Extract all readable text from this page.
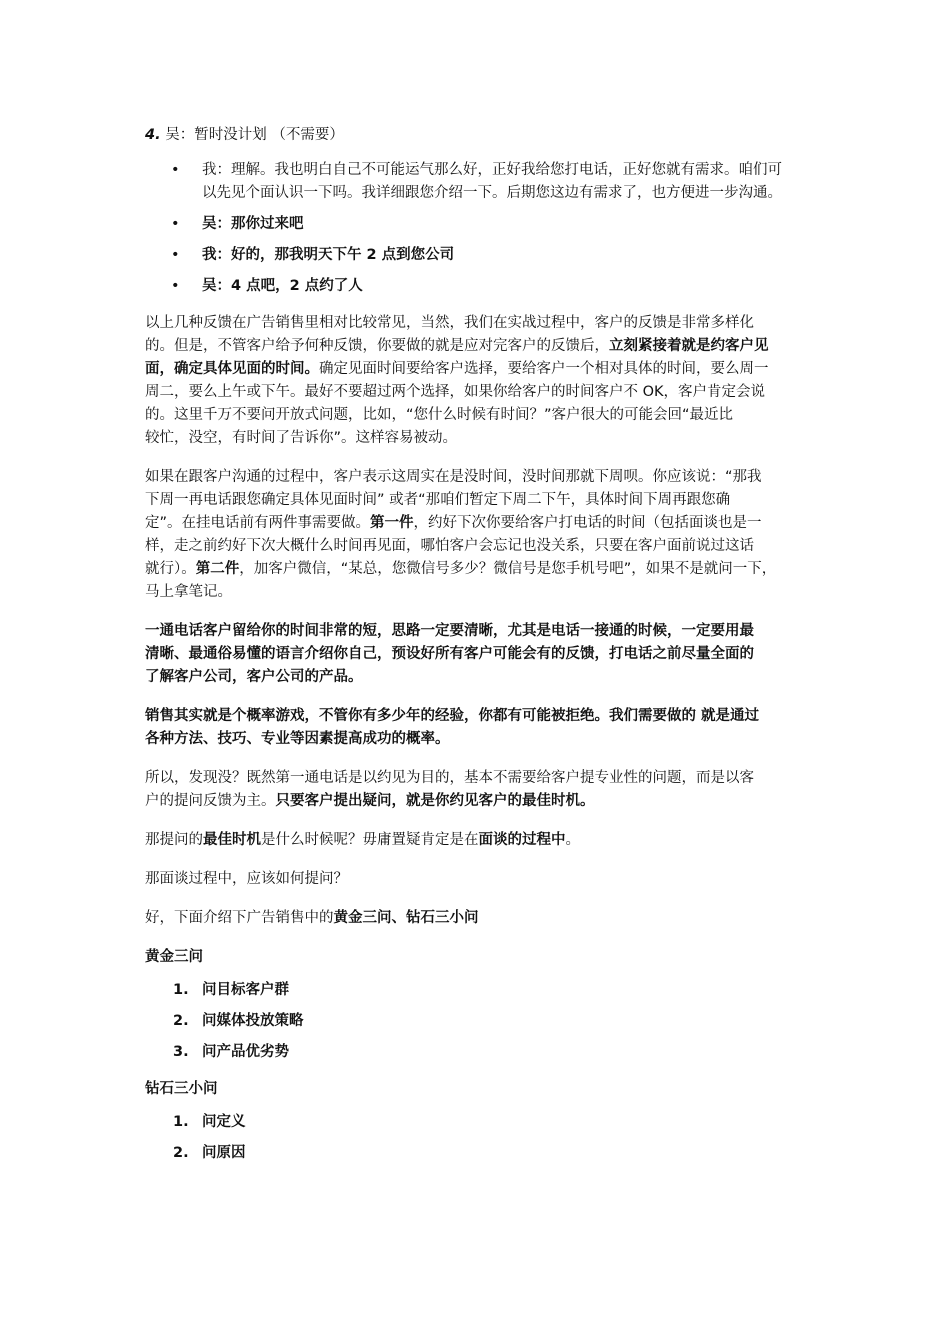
4. 吴：暂时没计划 （不需要）
• 我：理解。我也明白自己不可能运气那么好，正好我给您打电话，正好您就有需求。咱们可
以先见个面认识一下吗。我详细跟您介绍一下。后期您这边有需求了，也方便进一步沟通。
• 吴：那你过来吧
• 我：好的，那我明天下午 2 点到您公司
• 吴：4 点吧，2 点约了人
以上几种反馈在广告销售里相对比较常见，当然，我们在实战过程中，客户的反馈是非常多样化
的。但是，不管客户给予何种反馈，你要做的就是应对完客户的反馈后，立刻紧接着就是约客户见
面，确定具体见面的时间。确定见面时间要给客户选择，要给客户一个相对具体的时间，要么周一
周二，要么上午或下午。最好不要超过两个选择，如果你给客户的时间客户不 OK，客户肯定会说
的。这里千万不要问开放式问题，比如，“您什么时候有时间？”客户很大的可能会回“最近比
较忙，没空，有时间了告诉你”。这样容易被动。
如果在跟客户沟通的过程中，客户表示这周实在是没时间，没时间那就下周呗。你应该说：“那我
下周一再电话跟您确定具体见面时间” 或者“那咱们暂定下周二下午，具体时间下周再跟您确
定”。在挂电话前有两件事需要做。第一件，约好下次你要给客户打电话的时间（包括面谈也是一
样，走之前约好下次大概什么时间再见面，哪怕客户会忘记也没关系，只要在客户面前说过这话
就行）。第二件，加客户微信，“某总，您微信号多少？微信号是您手机号吧”，如果不是就问一下，
马上拿笔记。
一通电话客户留给你的时间非常的短，思路一定要清晰，尤其是电话一接通的时候，一定要用最
清晰、最通俗易懂的语言介绍你自己，预设好所有客户可能会有的反馈，打电话之前尽量全面的
了解客户公司，客户公司的产品。
销售其实就是个概率游戏，不管你有多少年的经验，你都有可能被拒绝。我们需要做的 就是通过
各种方法、技巧、专业等因素提高成功的概率。
所以，发现没？既然第一通电话是以约见为目的，基本不需要给客户提专业性的问题，而是以客
户的提问反馈为主。只要客户提出疑问，就是你约见客户的最佳时机。
那提问的最佳时机是什么时候呢？毋庸置疑肯定是在面谈的过程中。
那面谈过程中，应该如何提问？
好，下面介绍下广告销售中的黄金三问、钻石三小问
黄金三问
1. 问目标客户群
2. 问媒体投放策略
3. 问产品优劣势
钻石三小问
1. 问定义
2. 问原因
